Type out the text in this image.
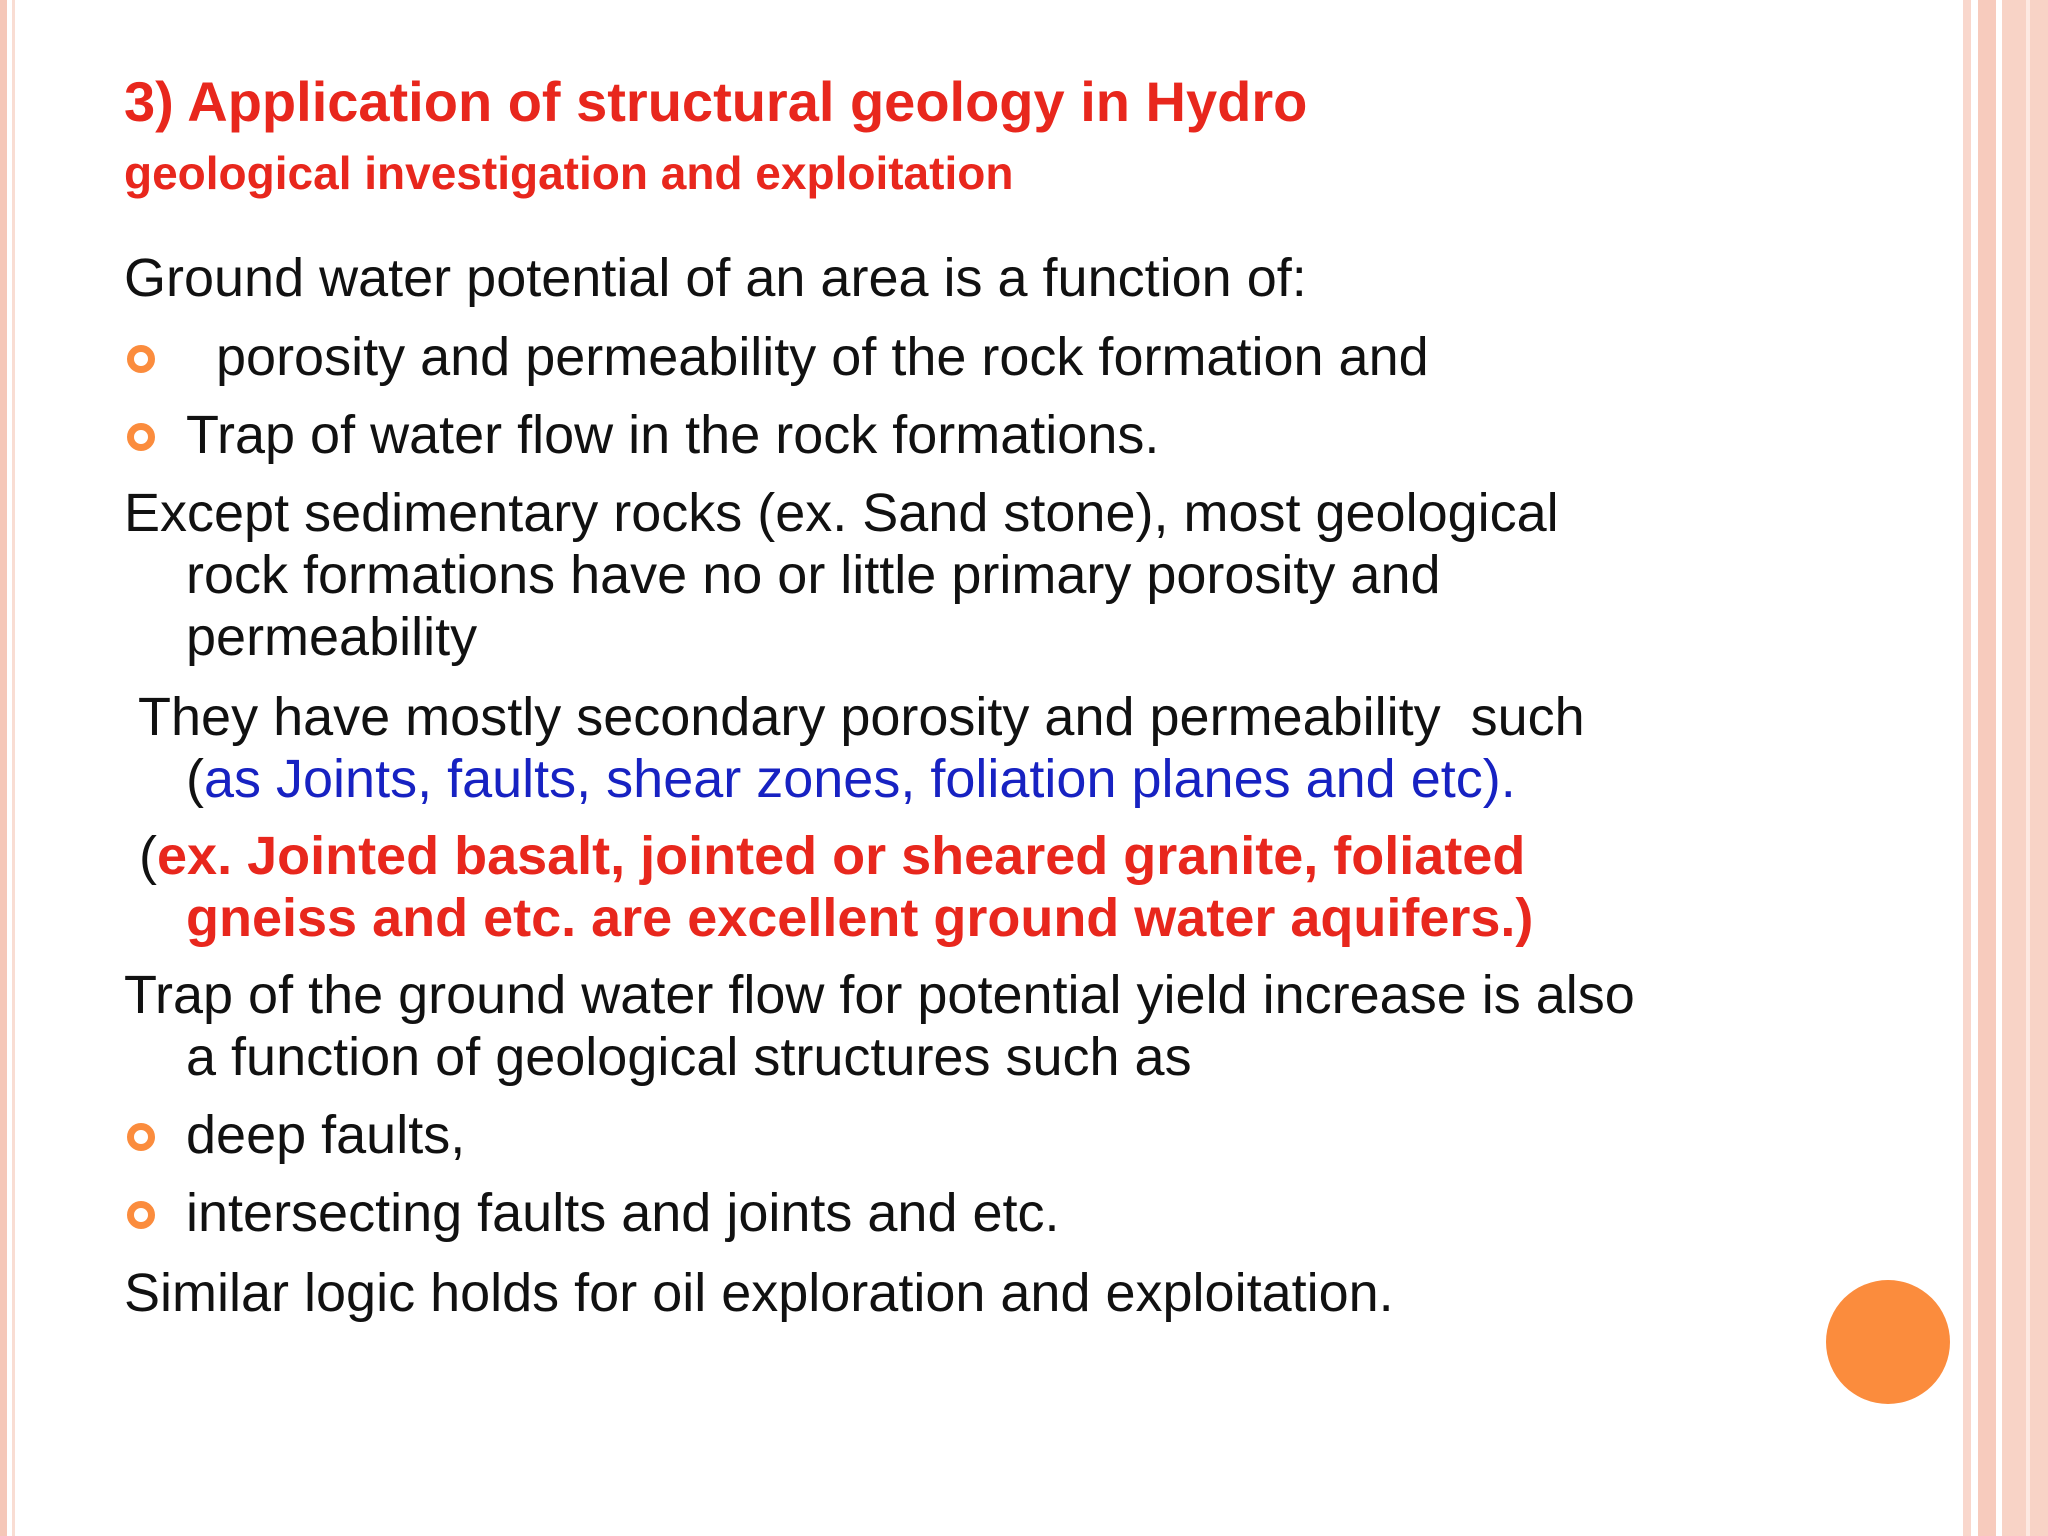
3) Application of structural geology in Hydro
geological investigation and exploitation
Ground water potential of an area is a function of:
porosity and permeability of the rock formation and
Trap of water flow in the rock formations.
Except sedimentary rocks (ex. Sand stone), most geological
rock formations have no or little primary porosity and
permeability
They have mostly secondary porosity and permeability  such
(as Joints, faults, shear zones, foliation planes and etc).
(ex. Jointed basalt, jointed or sheared granite, foliated
gneiss and etc. are excellent ground water aquifers.)
Trap of the ground water flow for potential yield increase is also
a function of geological structures such as
deep faults,
intersecting faults and joints and etc.
Similar logic holds for oil exploration and exploitation.
